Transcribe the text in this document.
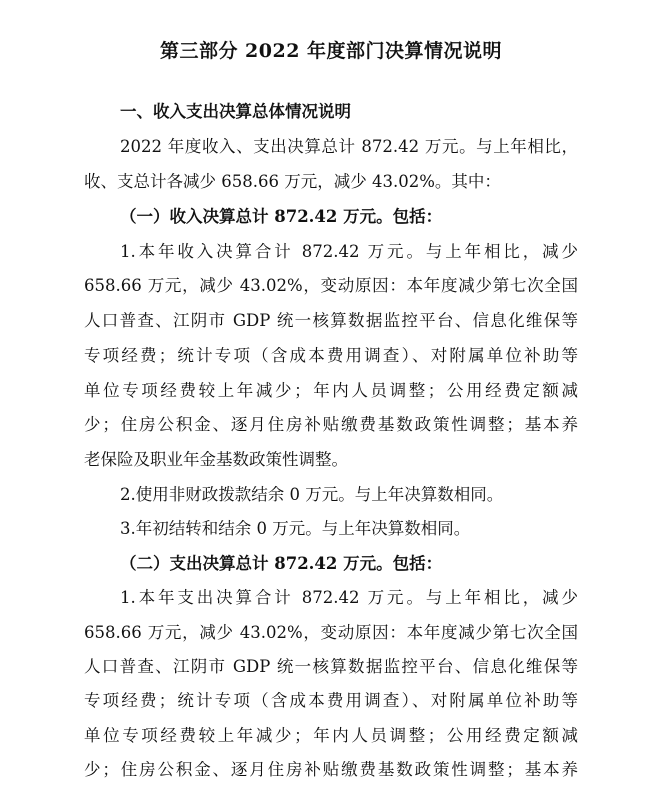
第三部分 2022 年度部门决算情况说明
一、收入支出决算总体情况说明
2022 年度收入、支出决算总计 872.42 万元。与上年相比，
收、支总计各减少 658.66 万元，减少 43.02%。其中：
（一）收入决算总计 872.42 万元。包括：
1.本年收入决算合计 872.42 万元。与上年相比，减少
658.66 万元，减少 43.02%，变动原因：本年度减少第七次全国
人口普查、江阴市 GDP 统一核算数据监控平台、信息化维保等
专项经费；统计专项（含成本费用调查）、对附属单位补助等
单位专项经费较上年减少；年内人员调整；公用经费定额减
少；住房公积金、逐月住房补贴缴费基数政策性调整；基本养
老保险及职业年金基数政策性调整。
2.使用非财政拨款结余 0 万元。与上年决算数相同。
3.年初结转和结余 0 万元。与上年决算数相同。
（二）支出决算总计 872.42 万元。包括：
1.本年支出决算合计 872.42 万元。与上年相比，减少
658.66 万元，减少 43.02%，变动原因：本年度减少第七次全国
人口普查、江阴市 GDP 统一核算数据监控平台、信息化维保等
专项经费；统计专项（含成本费用调查）、对附属单位补助等
单位专项经费较上年减少；年内人员调整；公用经费定额减
少；住房公积金、逐月住房补贴缴费基数政策性调整；基本养
